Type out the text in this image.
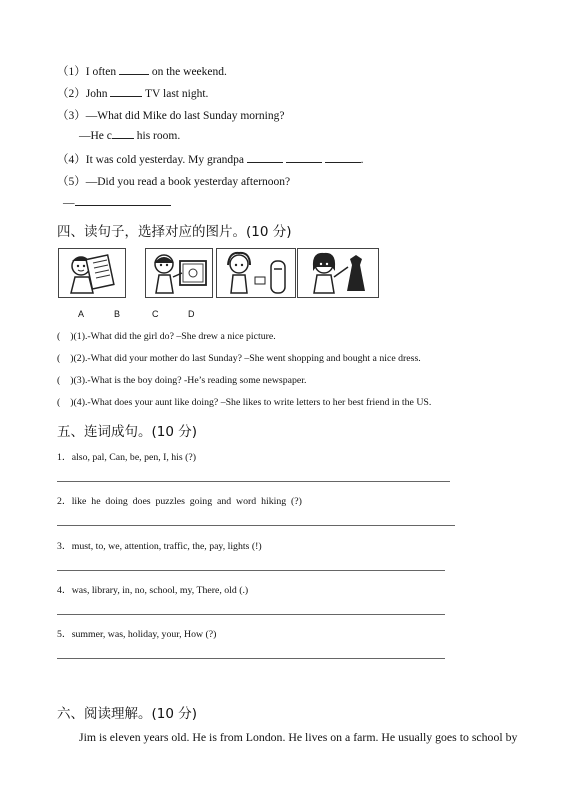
（1）I often	on the weekend.
（2）John	TV last night.
（3）—What did Mike do last Sunday morning?
—He c his room.
（4）It was cold yesterday. My grandpa	.
（5）—Did you read a book yesterday afternoon?
—
四、读句子，选择对应的图片。(10 分)
A	B	C	D
( )(1).-What did the girl do? –She drew a nice picture.
( )(2).-What did your mother do last Sunday? –She went shopping and bought a nice dress.
( )(3).-What is the boy doing? -He’s reading some newspaper.
( )(4).-What does your aunt like doing? –She likes to write letters to her best friend in the US.
五、连词成句。(10 分)
1．also, pal, Can, be, pen, I, his (?)
2．like  he  doing  does  puzzles  going  and  word  hiking  (?)
3．must, to, we, attention, traffic, the, pay, lights (!)
4．was, library, in, no, school, my, There, old (.)
5．summer, was, holiday, your, How (?)
六、阅读理解。(10 分)
Jim is eleven years old. He is from London. He lives on a farm. He usually goes to school by
